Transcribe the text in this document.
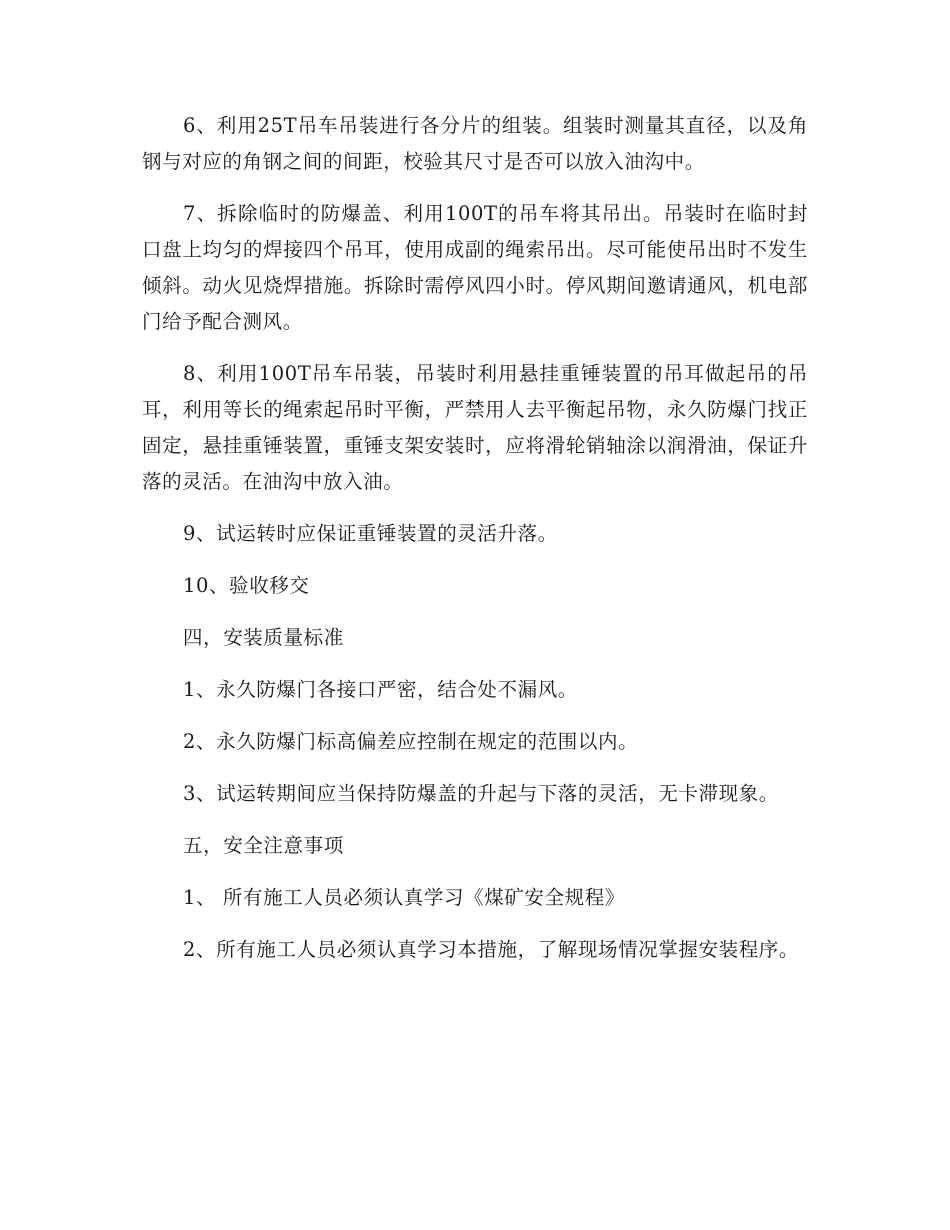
6、利用25T吊车吊装进行各分片的组装。组装时测量其直径，以及角钢与对应的角钢之间的间距，校验其尺寸是否可以放入油沟中。

7、拆除临时的防爆盖、利用100T的吊车将其吊出。吊装时在临时封口盘上均匀的焊接四个吊耳，使用成副的绳索吊出。尽可能使吊出时不发生倾斜。动火见烧焊措施。拆除时需停风四小时。停风期间邀请通风，机电部门给予配合测风。

8、利用100T吊车吊装，吊装时利用悬挂重锤装置的吊耳做起吊的吊耳，利用等长的绳索起吊时平衡，严禁用人去平衡起吊物，永久防爆门找正固定，悬挂重锤装置，重锤支架安装时，应将滑轮销轴涂以润滑油，保证升落的灵活。在油沟中放入油。

9、试运转时应保证重锤装置的灵活升落。

10、验收移交

四，安装质量标准

1、永久防爆门各接口严密，结合处不漏风。

2、永久防爆门标高偏差应控制在规定的范围以内。

3、试运转期间应当保持防爆盖的升起与下落的灵活，无卡滞现象。

五，安全注意事项

1、 所有施工人员必须认真学习《煤矿安全规程》

2、所有施工人员必须认真学习本措施，了解现场情况掌握安装程序。
